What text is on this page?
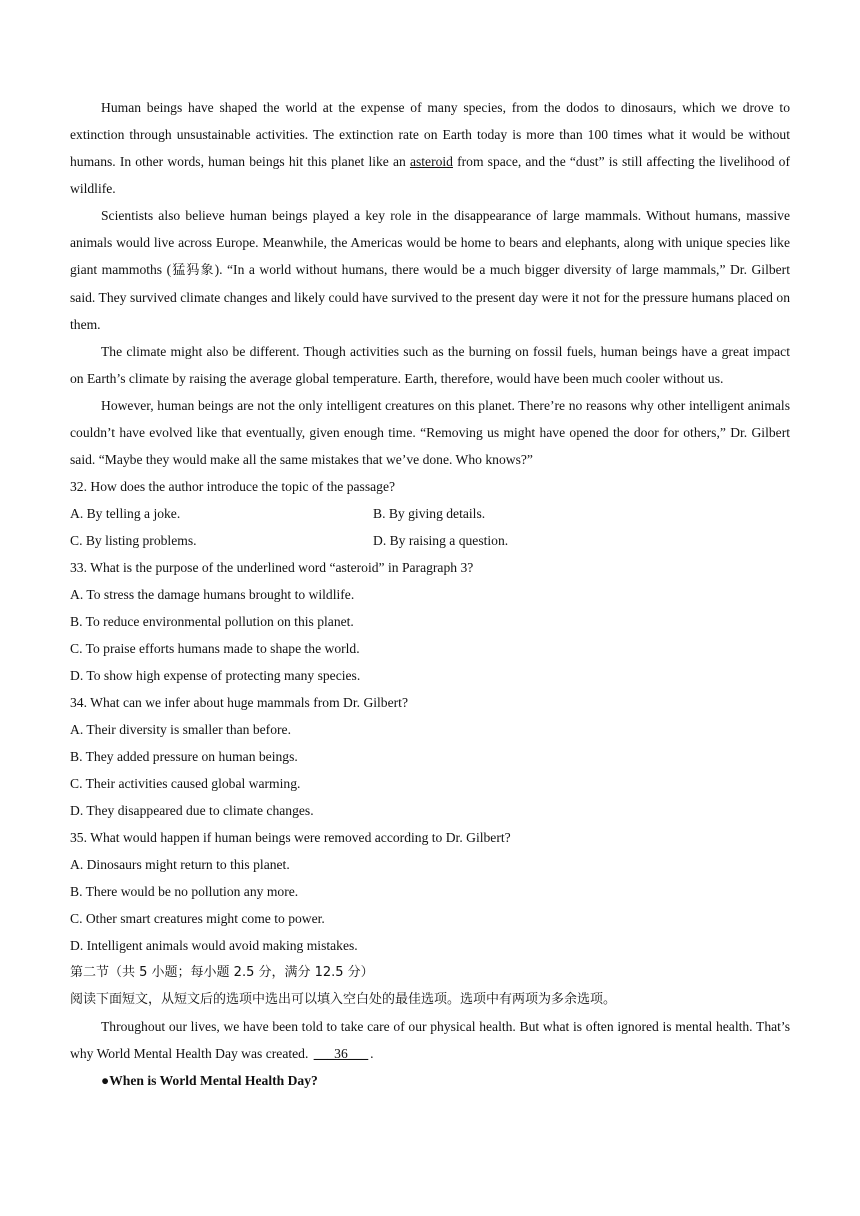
Human beings have shaped the world at the expense of many species, from the dodos to dinosaurs, which we drove to extinction through unsustainable activities. The extinction rate on Earth today is more than 100 times what it would be without humans. In other words, human beings hit this planet like an asteroid from space, and the “dust” is still affecting the livelihood of wildlife.

Scientists also believe human beings played a key role in the disappearance of large mammals. Without humans, massive animals would live across Europe. Meanwhile, the Americas would be home to bears and elephants, along with unique species like giant mammoths (猛犸象). “In a world without humans, there would be a much bigger diversity of large mammals,” Dr. Gilbert said. They survived climate changes and likely could have survived to the present day were it not for the pressure humans placed on them.

The climate might also be different. Though activities such as the burning on fossil fuels, human beings have a great impact on Earth’s climate by raising the average global temperature. Earth, therefore, would have been much cooler without us.

However, human beings are not the only intelligent creatures on this planet. There’re no reasons why other intelligent animals couldn’t have evolved like that eventually, given enough time. “Removing us might have opened the door for others,” Dr. Gilbert said. “Maybe they would make all the same mistakes that we’ve done. Who knows?”

32. How does the author introduce the topic of the passage?

A. By telling a joke.	B. By giving details.
C. By listing problems.	D. By raising a question.

33. What is the purpose of the underlined word “asteroid” in Paragraph 3?

A. To stress the damage humans brought to wildlife.

B. To reduce environmental pollution on this planet.

C. To praise efforts humans made to shape the world.

D. To show high expense of protecting many species.

34. What can we infer about huge mammals from Dr. Gilbert?

A. Their diversity is smaller than before.

B. They added pressure on human beings.

C. Their activities caused global warming.

D. They disappeared due to climate changes.

35. What would happen if human beings were removed according to Dr. Gilbert?

A. Dinosaurs might return to this planet.

B. There would be no pollution any more.

C. Other smart creatures might come to power.

D. Intelligent animals would avoid making mistakes.

第二节（共 5 小题；每小题 2.5 分，满分 12.5 分）

阅读下面短文，从短文后的选项中选出可以填入空白处的最佳选项。选项中有两项为多余选项。

Throughout our lives, we have been told to take care of our physical health. But what is often ignored is mental health. That’s why World Mental Health Day was created. ___36___ .

●When is World Mental Health Day?
